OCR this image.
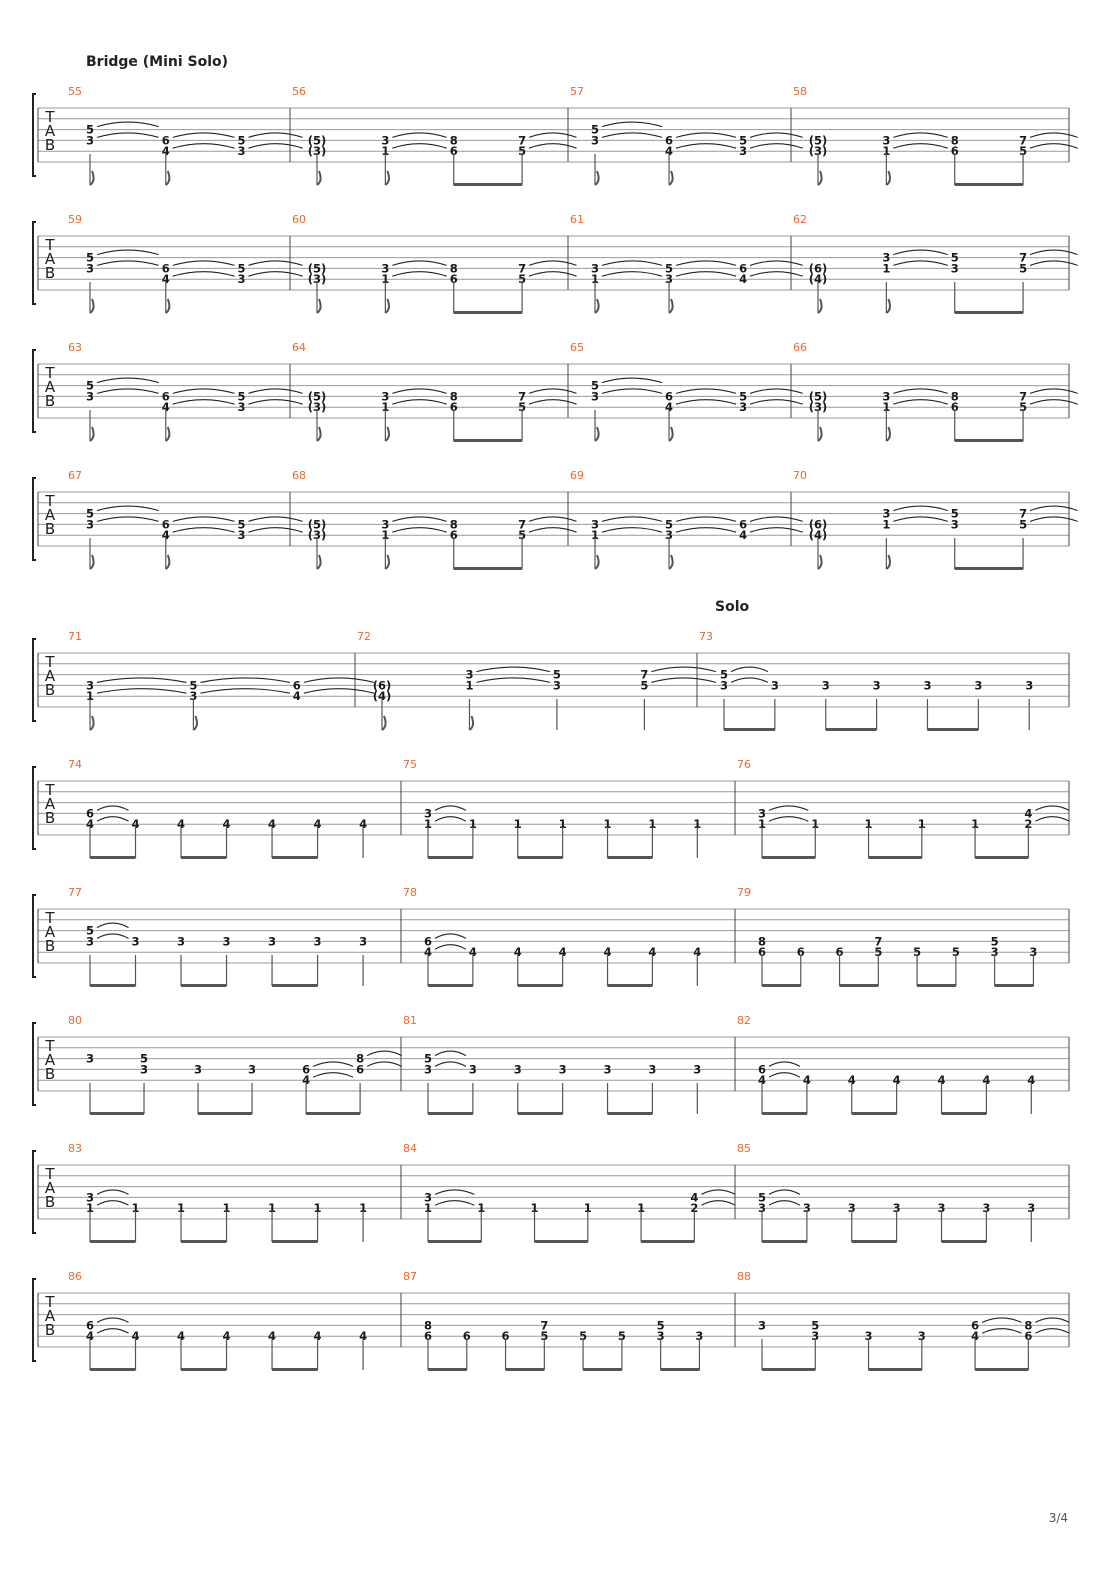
Bridge (Mini Solo)
Solo
T
A
B
55
5
3	6
4
5
3
56
(5)
(3)
3
1
8
6
7
5
57
5
3	6
4
5
3
58
(5)
(3)
3
1
8
6
7
5
T
A
B
59
5
3	6
4
5
3
60
(5)
(3)
3
1
8
6
7
5
61
3
1
5
3
6
4
62
(6)
(4)
3
1
5
3
7
5
T
A
B
63
5
3	6
4
5
3
64
(5)
(3)
3
1
8
6
7
5
65
5
3	6
4
5
3
66
(5)
(3)
3
1
8
6
7
5
T
A
B
67
5
3	6
4
5
3
68
(5)
(3)
3
1
8
6
7
5
69
3
1
5
3
6
4
70
(6)
(4)
3
1
5
3
7
5
T
A
B
71
3
1
5
3
6
4
72
(6)
(4)
3
1
5
3
7
5
73
5
3	3	3	3	3	3	3
T
A
B
74
6
4	4	4	4	4	4	4
75
3
1	1	1	1	1	1	1
76
3
1	1	1	1	1
4
2
T
A
B
77
5
3	3	3	3	3	3	3
78
6
4	4	4	4	4	4	4
79
8
6	6	6
7
5	5	5
5
3	3
T
A
B
80
3	5
3	3	3	6
4
8
6
81
5
3	3	3	3	3	3	3
82
6
4	4	4	4	4	4	4
T
A
B
83
3
1	1	1	1	1	1	1
84
3
1	1	1	1	1
4
2
85
5
3	3	3	3	3	3	3
T
A
B
86
6
4	4	4	4	4	4	4
87
8
6	6	6
7
5	5	5
5
3	3
88
3	5
3	3	3
6
4
8
6
3/4
